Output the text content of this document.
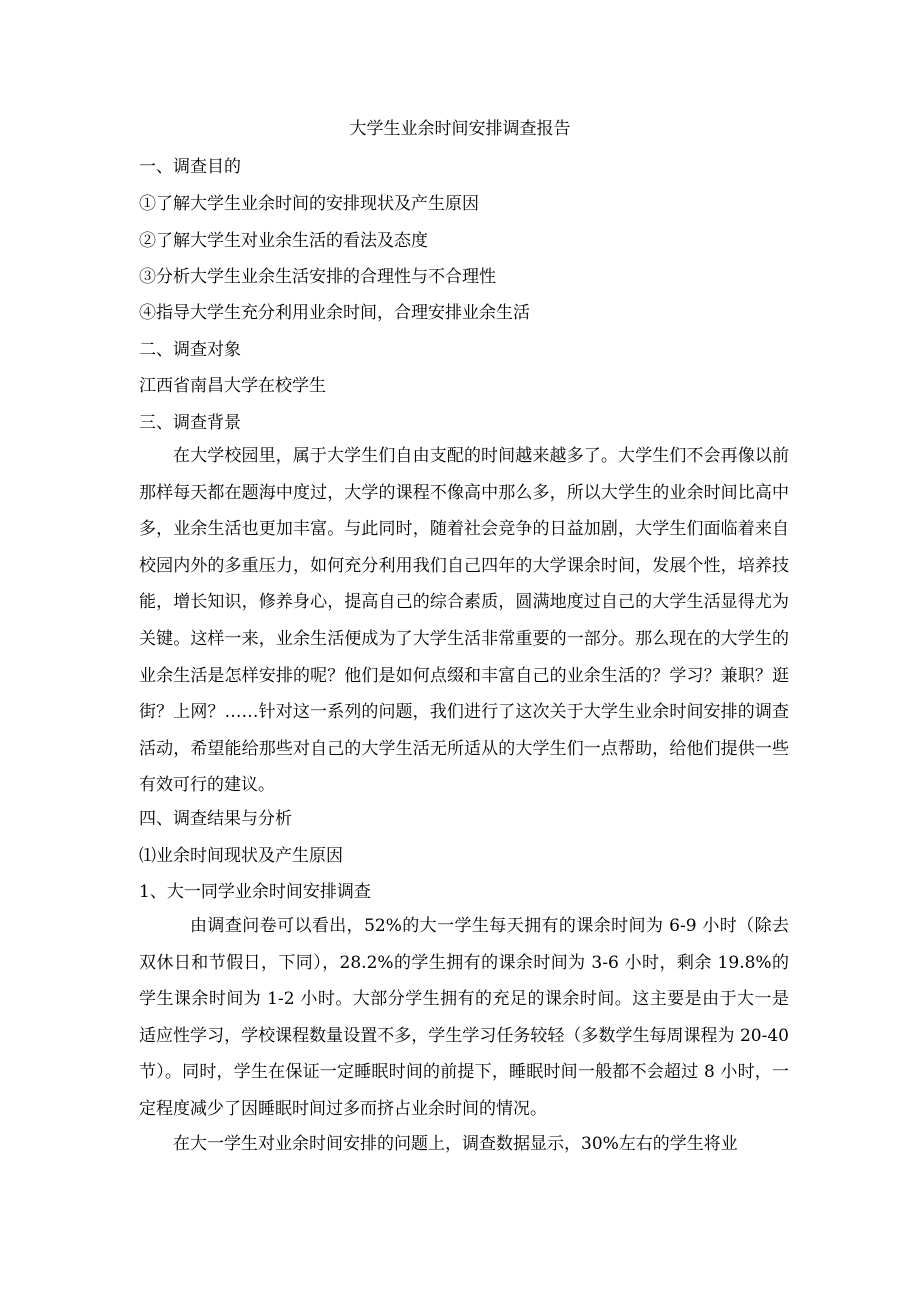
大学生业余时间安排调查报告
一、调查目的
①了解大学生业余时间的安排现状及产生原因
②了解大学生对业余生活的看法及态度
③分析大学生业余生活安排的合理性与不合理性
④指导大学生充分利用业余时间，合理安排业余生活
二、调查对象
江西省南昌大学在校学生
三、调查背景

在大学校园里，属于大学生们自由支配的时间越来越多了。大学生们不会再像以前那样每天都在题海中度过，大学的课程不像高中那么多，所以大学生的业余时间比高中多，业余生活也更加丰富。与此同时，随着社会竞争的日益加剧，大学生们面临着来自校园内外的多重压力，如何充分利用我们自己四年的大学课余时间，发展个性，培养技能，增长知识，修养身心，提高自己的综合素质，圆满地度过自己的大学生活显得尤为关键。这样一来，业余生活便成为了大学生活非常重要的一部分。那么现在的大学生的业余生活是怎样安排的呢？他们是如何点缀和丰富自己的业余生活的？学习？兼职？逛街？上网？……针对这一系列的问题，我们进行了这次关于大学生业余时间安排的调查活动，希望能给那些对自己的大学生活无所适从的大学生们一点帮助，给他们提供一些有效可行的建议。

四、调查结果与分析
⑴业余时间现状及产生原因
1、大一同学业余时间安排调查

由调查问卷可以看出，52%的大一学生每天拥有的课余时间为 6-9 小时（除去双休日和节假日，下同），28.2%的学生拥有的课余时间为 3-6 小时，剩余 19.8%的学生课余时间为 1-2 小时。大部分学生拥有的充足的课余时间。这主要是由于大一是适应性学习，学校课程数量设置不多，学生学习任务较轻（多数学生每周课程为 20-40 节）。同时，学生在保证一定睡眠时间的前提下，睡眠时间一般都不会超过 8 小时，一定程度减少了因睡眠时间过多而挤占业余时间的情况。

在大一学生对业余时间安排的问题上，调查数据显示，30%左右的学生将业
